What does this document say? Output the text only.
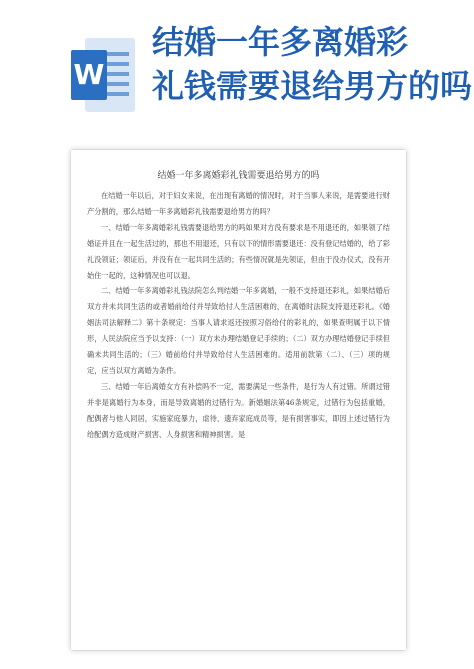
W
结婚一年多离婚彩
礼钱需要退给男方的吗
结婚一年多离婚彩礼钱需要退给男方的吗

在结婚一年以后，对于妇女来说，在出现有离婚的情况时，对于当事人来说，是需要进行财产分割的，那么结婚一年多离婚彩礼钱需要退给男方的吗？

一、结婚一年多离婚彩礼钱需要退给男方的吗如果对方没有要求是不用退还的，如果领了结婚证并且在一起生活过的，那也不用退还，只有以下的情形需要退还：没有登记结婚的，给了彩礼没领证；领证后，并没有在一起共同生活的；有些情况就是先领证，但由于没办仪式，没有开始住一起的，这种情况也可以退。

二、结婚一年多离婚彩礼钱法院怎么判结婚一年多离婚，一般不支持退还彩礼，如果结婚后双方并未共同生活的或者婚前给付并导致给付人生活困难的，在离婚时法院支持退还彩礼。《婚姻法司法解释二》第十条规定：当事人请求返还按照习俗给付的彩礼的，如果查明属于以下情形，人民法院应当予以支持：（一）双方未办理结婚登记手续的；（二）双方办理结婚登记手续但确未共同生活的；（三）婚前给付并导致给付人生活困难的。适用前款第（二）、（三）项的规定，应当以双方离婚为条件。

三、结婚一年后离婚女方有补偿吗不一定，需要满足一些条件，是行为人有过错。所谓过错并非是离婚行为本身，而是导致离婚的过错行为。新婚姻法第46条规定，过错行为包括重婚，配偶者与他人同居，实施家庭暴力，虐待、遗弃家庭成员等，是有损害事实，即因上述过错行为给配偶方造成财产损害、人身损害和精神损害。是
